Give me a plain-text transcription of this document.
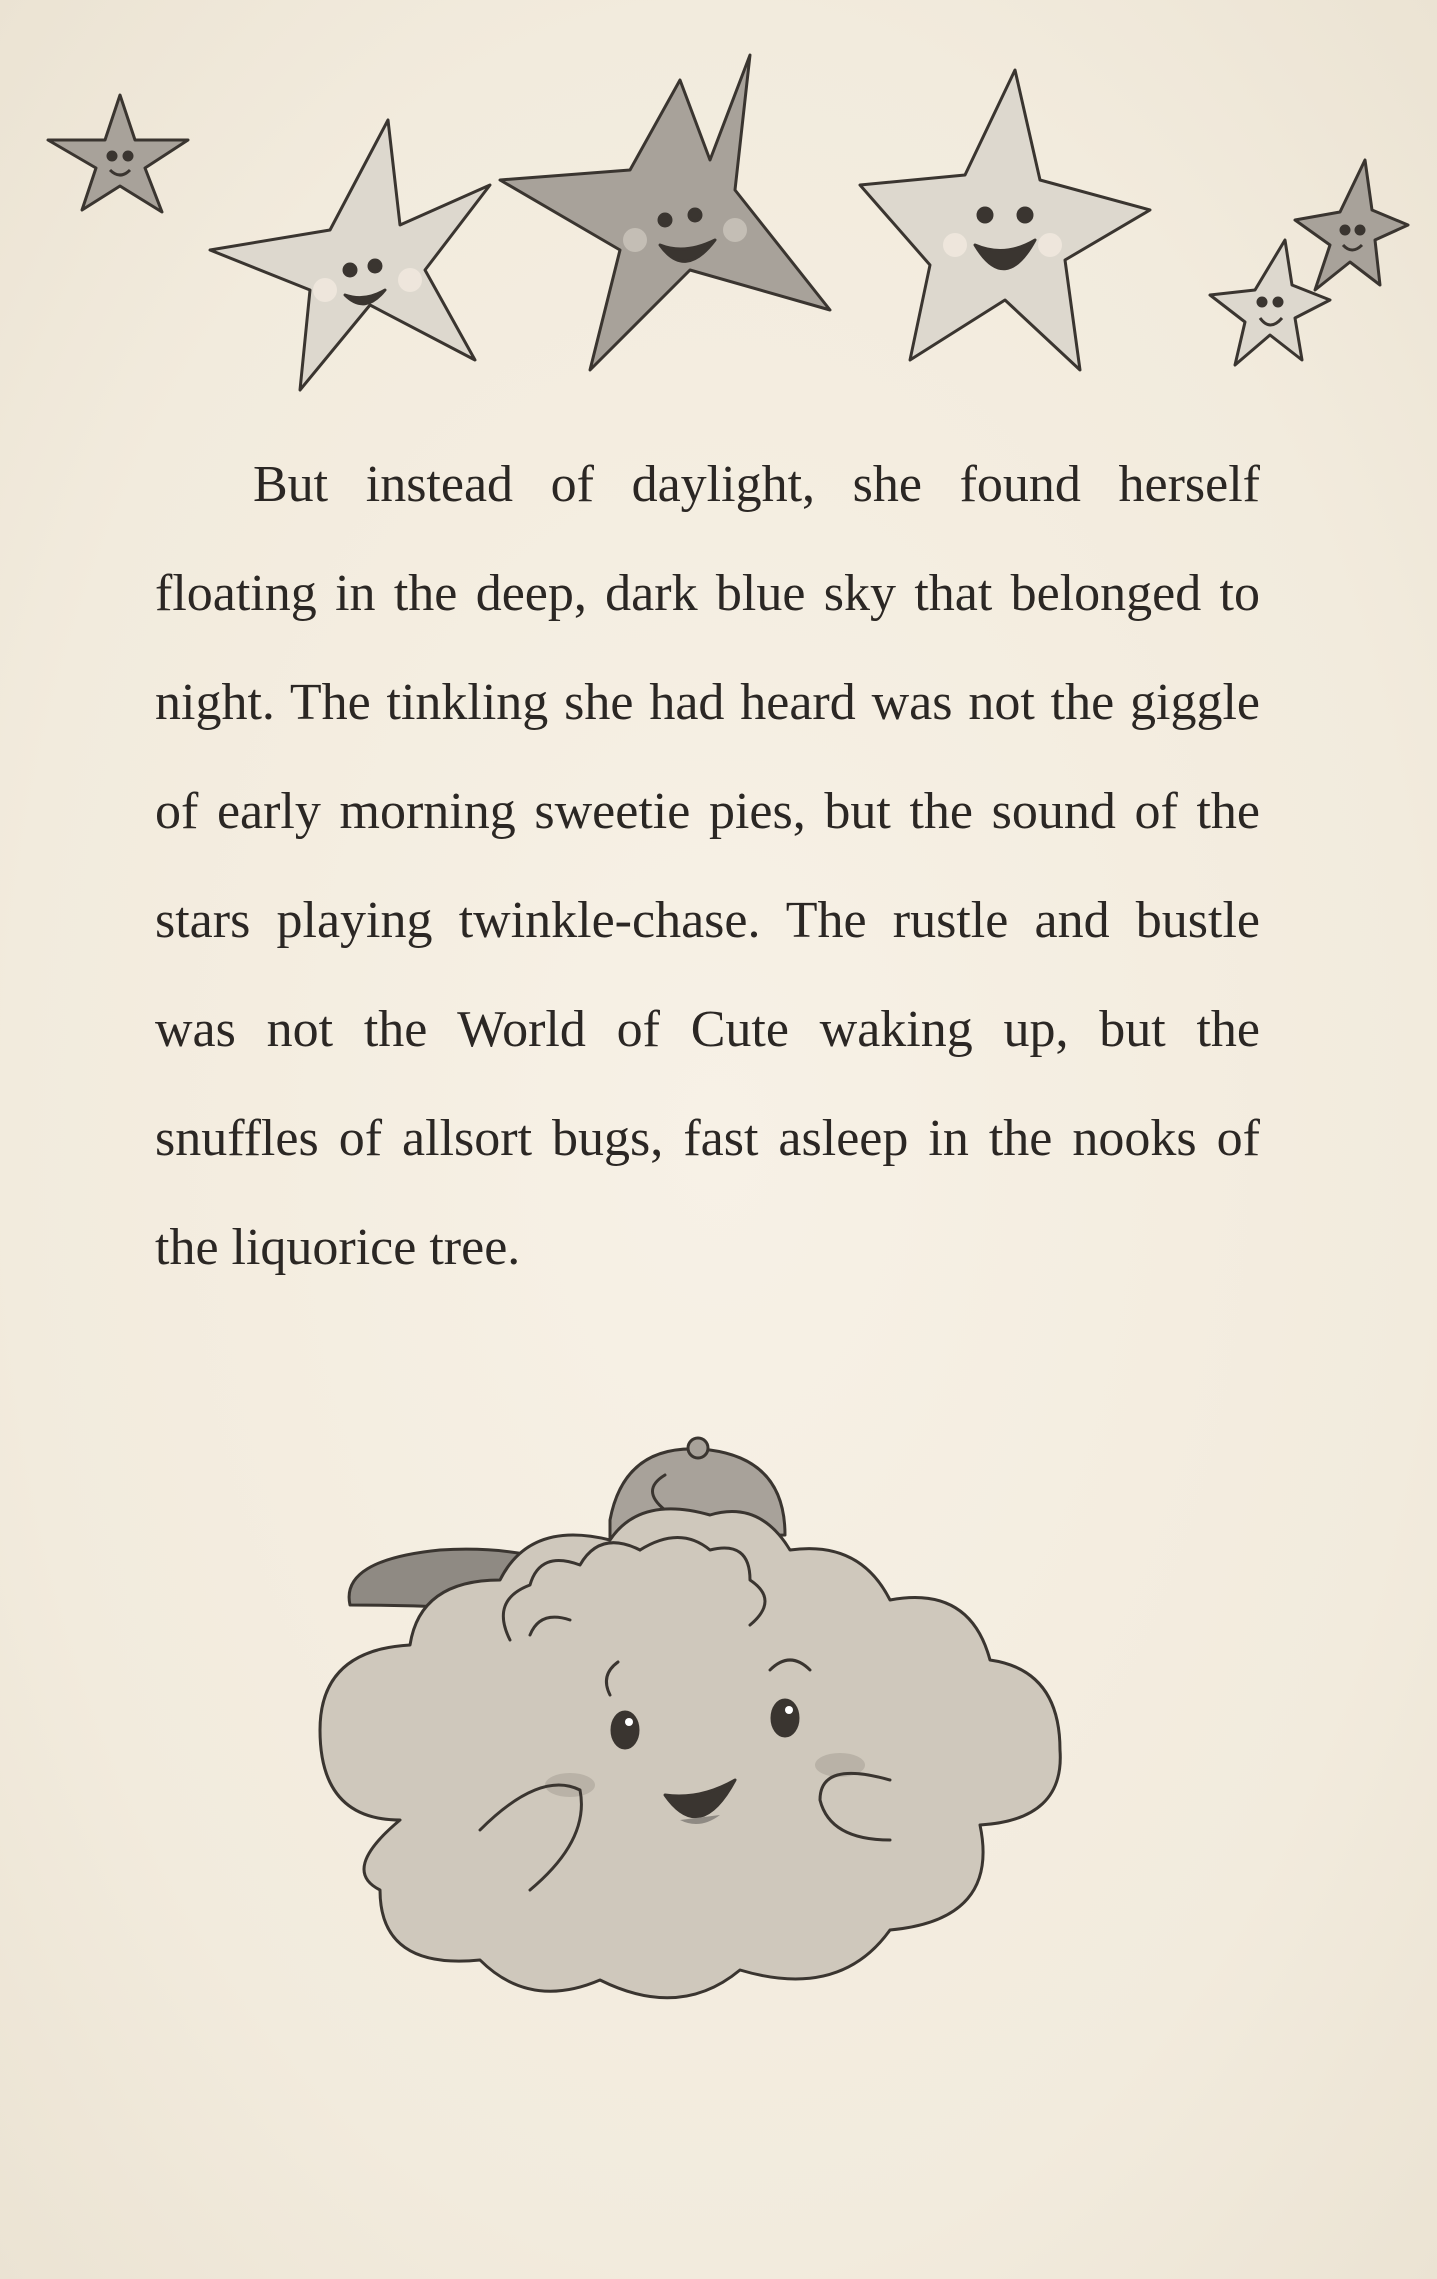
But instead of daylight, she found herself floating in the deep, dark blue sky that belonged to night. The tinkling she had heard was not the giggle of early morning sweetie pies, but the sound of the stars playing twinkle-chase. The rustle and bustle was not the World of Cute waking up, but the snuffles of allsort bugs, fast asleep in the nooks of the liquorice tree.
